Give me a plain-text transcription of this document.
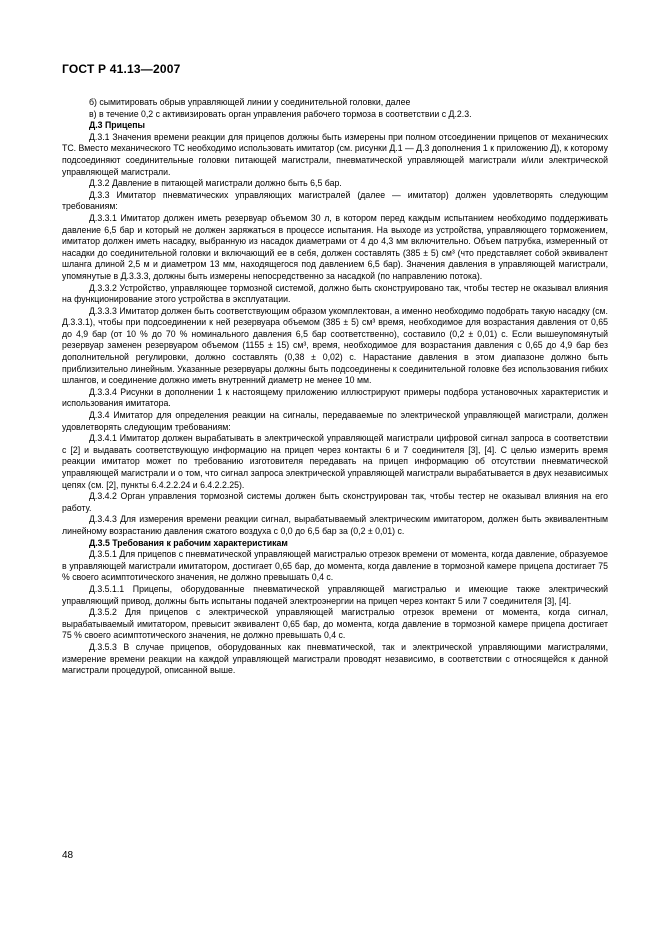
ГОСТ Р 41.13—2007

б) сымитировать обрыв управляющей линии у соединительной головки, далее

в) в течение 0,2 с активизировать орган управления рабочего тормоза в соответствии с Д.2.3.

Д.3 Прицепы

Д.3.1 Значения времени реакции для прицепов должны быть измерены при полном отсоединении прицепов от механических ТС. Вместо механического ТС необходимо использовать имитатор (см. рисунки Д.1 — Д.3 дополнения 1 к приложению Д), к которому подсоединяют соединительные головки питающей магистрали, пневматической управляющей магистрали и/или электрической управляющей магистрали.

Д.3.2 Давление в питающей магистрали должно быть 6,5 бар.

Д.3.3 Имитатор пневматических управляющих магистралей (далее — имитатор) должен удовлетворять следующим требованиям:

Д.3.3.1 Имитатор должен иметь резервуар объемом 30 л, в котором перед каждым испытанием необходимо поддерживать давление 6,5 бар и который не должен заряжаться в процессе испытания. На выходе из устройства, управляющего торможением, имитатор должен иметь насадку, выбранную из насадок диаметрами от 4 до 4,3 мм включительно. Объем патрубка, измеренный от насадки до соединительной головки и включающий ее в себя, должен составлять (385 ± 5) см³ (что представляет собой эквивалент шланга длиной 2,5 м и диаметром 13 мм, находящегося под давлением 6,5 бар). Значения давления в управляющей магистрали, упомянутые в Д.3.3.3, должны быть измерены непосредственно за насадкой (по направлению потока).

Д.3.3.2 Устройство, управляющее тормозной системой, должно быть сконструировано так, чтобы тестер не оказывал влияния на функционирование этого устройства в эксплуатации.

Д.3.3.3 Имитатор должен быть соответствующим образом укомплектован, а именно необходимо подобрать такую насадку (см. Д.3.3.1), чтобы при подсоединении к ней резервуара объемом (385 ± 5) см³ время, необходимое для возрастания давления от 0,65 до 4,9 бар (от 10 % до 70 % номинального давления 6,5 бар соответственно), составило (0,2 ± 0,01) с. Если вышеупомянутый резервуар заменен резервуаром объемом (1155 ± 15) см³, время, необходимое для возрастания давления с 0,65 до 4,9 бар без дополнительной регулировки, должно составлять (0,38 ± 0,02) с. Нарастание давления в этом диапазоне должно быть приблизительно линейным. Указанные резервуары должны быть подсоединены к соединительной головке без использования гибких шлангов, и соединение должно иметь внутренний диаметр не менее 10 мм.

Д.3.3.4 Рисунки в дополнении 1 к настоящему приложению иллюстрируют примеры подбора установочных характеристик и использования имитатора.

Д.3.4 Имитатор для определения реакции на сигналы, передаваемые по электрической управляющей магистрали, должен удовлетворять следующим требованиям:

Д.3.4.1 Имитатор должен вырабатывать в электрической управляющей магистрали цифровой сигнал запроса в соответствии с [2] и выдавать соответствующую информацию на прицеп через контакты 6 и 7 соединителя [3], [4]. С целью измерить время реакции имитатор может по требованию изготовителя передавать на прицеп информацию об отсутствии пневматической управляющей магистрали и о том, что сигнал запроса электрической управляющей магистрали вырабатывается в двух независимых цепях (см. [2], пункты 6.4.2.2.24 и 6.4.2.2.25).

Д.3.4.2 Орган управления тормозной системы должен быть сконструирован так, чтобы тестер не оказывал влияния на его работу.

Д.3.4.3 Для измерения времени реакции сигнал, вырабатываемый электрическим имитатором, должен быть эквивалентным линейному возрастанию давления сжатого воздуха с 0,0 до 6,5 бар за (0,2 ± 0,01) с.

Д.3.5 Требования к рабочим характеристикам

Д.3.5.1 Для прицепов с пневматической управляющей магистралью отрезок времени от момента, когда давление, образуемое в управляющей магистрали имитатором, достигает 0,65 бар, до момента, когда давление в тормозной камере прицепа достигает 75 % своего асимптотического значения, не должно превышать 0,4 с.

Д.3.5.1.1 Прицепы, оборудованные пневматической управляющей магистралью и имеющие также электрический управляющий привод, должны быть испытаны подачей электроэнергии на прицеп через контакт 5 или 7 соединителя [3], [4].

Д.3.5.2 Для прицепов с электрической управляющей магистралью отрезок времени от момента, когда сигнал, вырабатываемый имитатором, превысит эквивалент 0,65 бар, до момента, когда давление в тормозной камере прицепа достигает 75 % своего асимптотического значения, не должно превышать 0,4 с.

Д.3.5.3 В случае прицепов, оборудованных как пневматической, так и электрической управляющими магистралями, измерение времени реакции на каждой управляющей магистрали проводят независимо, в соответствии с относящейся к данной магистрали процедурой, описанной выше.

48
